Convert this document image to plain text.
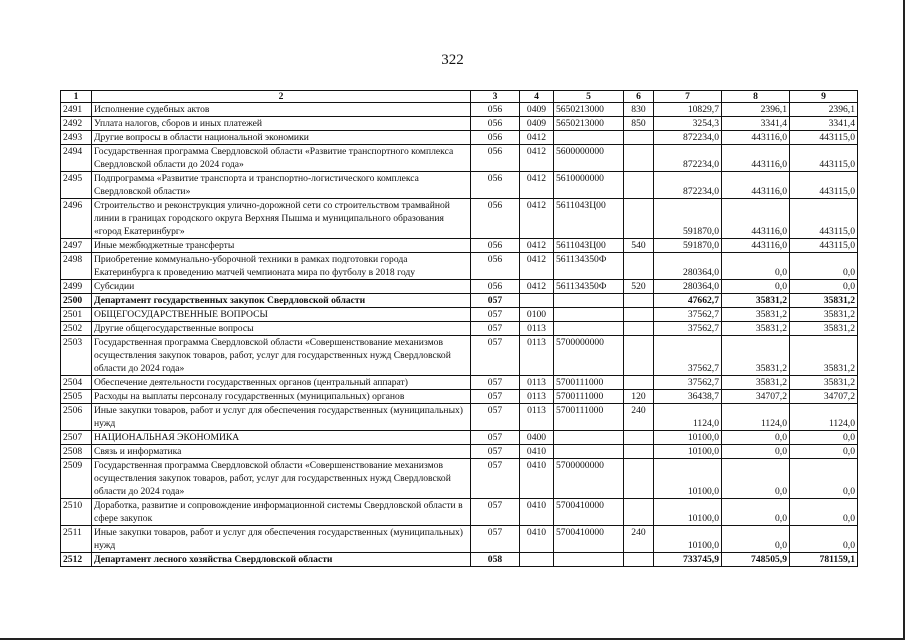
322
1	2	3	4	5	6	7	8	9
2491	Исполнение судебных актов	056	0409	5650213000	830	10829,7	2396,1	2396,1
2492	Уплата налогов, сборов и иных платежей	056	0409	5650213000	850	3254,3	3341,4	3341,4
2493	Другие вопросы в области национальной экономики	056	0412			872234,0	443116,0	443115,0
2494	Государственная программа Свердловской области «Развитие транспортного комплекса Свердловской области до 2024 года»	056	0412	5600000000		872234,0	443116,0	443115,0
2495	Подпрограмма «Развитие транспорта и транспортно-логистического комплекса Свердловской области»	056	0412	5610000000		872234,0	443116,0	443115,0
2496	Строительство и реконструкция улично-дорожной сети со строительством трамвайной линии в границах городского округа Верхняя Пышма и муниципального образования «город Екатеринбург»	056	0412	561104ЗЦ00		591870,0	443116,0	443115,0
2497	Иные межбюджетные трансферты	056	0412	561104ЗЦ00	540	591870,0	443116,0	443115,0
2498	Приобретение коммунально-уборочной техники в рамках подготовки города Екатеринбурга к проведению матчей чемпионата мира по футболу в 2018 году	056	0412	561134350Ф		280364,0	0,0	0,0
2499	Субсидии	056	0412	561134350Ф	520	280364,0	0,0	0,0
2500	Департамент государственных закупок Свердловской области	057				47662,7	35831,2	35831,2
2501	ОБЩЕГОСУДАРСТВЕННЫЕ ВОПРОСЫ	057	0100			37562,7	35831,2	35831,2
2502	Другие общегосударственные вопросы	057	0113			37562,7	35831,2	35831,2
2503	Государственная программа Свердловской области «Совершенствование механизмов осуществления закупок товаров, работ, услуг для государственных нужд Свердловской области до 2024 года»	057	0113	5700000000		37562,7	35831,2	35831,2
2504	Обеспечение деятельности государственных органов (центральный аппарат)	057	0113	5700111000		37562,7	35831,2	35831,2
2505	Расходы на выплаты персоналу государственных (муниципальных) органов	057	0113	5700111000	120	36438,7	34707,2	34707,2
2506	Иные закупки товаров, работ и услуг для обеспечения государственных (муниципальных) нужд	057	0113	5700111000	240	1124,0	1124,0	1124,0
2507	НАЦИОНАЛЬНАЯ ЭКОНОМИКА	057	0400			10100,0	0,0	0,0
2508	Связь и информатика	057	0410			10100,0	0,0	0,0
2509	Государственная программа Свердловской области «Совершенствование механизмов осуществления закупок товаров, работ, услуг для государственных нужд Свердловской области до 2024 года»	057	0410	5700000000		10100,0	0,0	0,0
2510	Доработка, развитие и сопровождение информационной системы Свердловской области в сфере закупок	057	0410	5700410000		10100,0	0,0	0,0
2511	Иные закупки товаров, работ и услуг для обеспечения государственных (муниципальных) нужд	057	0410	5700410000	240	10100,0	0,0	0,0
2512	Департамент лесного хозяйства Свердловской области	058				733745,9	748505,9	781159,1
